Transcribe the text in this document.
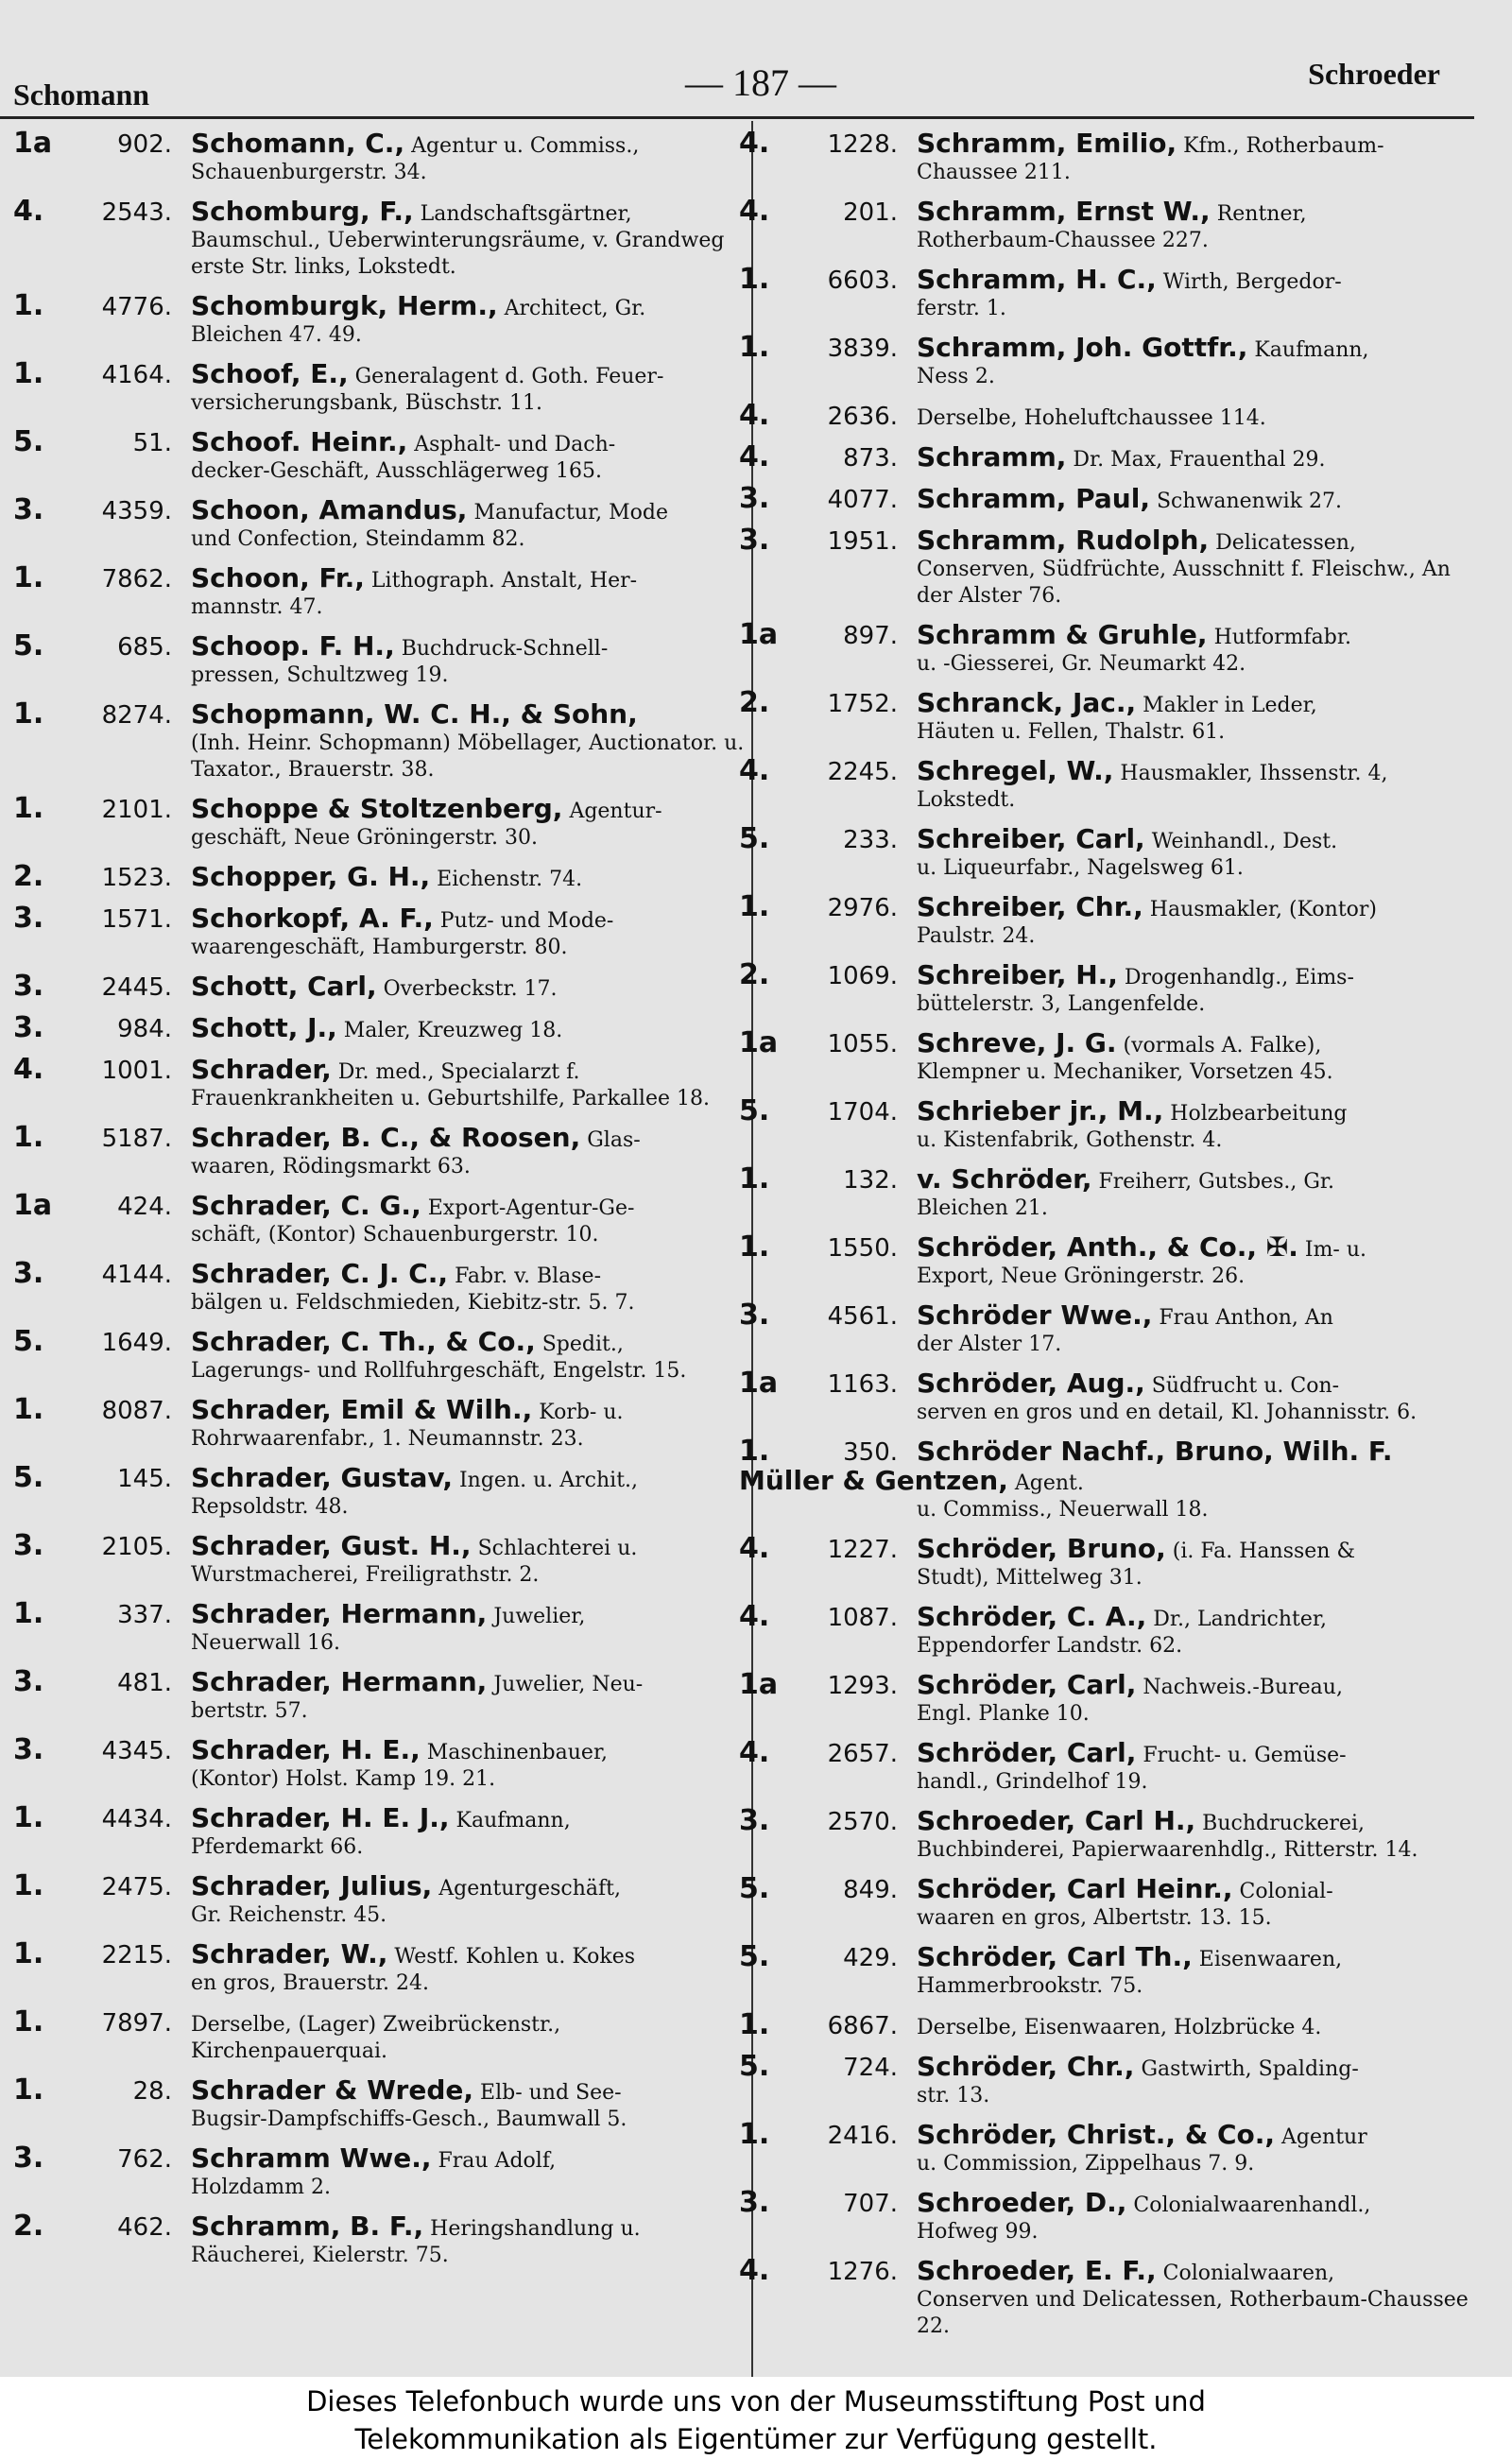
Schomann	— 187 —	Schroeder
1a	902. Schomann, C., Agentur u. Commiss.,
Schauenburgerstr. 34.
4. 2543. Schomburg, F., Landschaftsgärtner,
Baumschul., Ueberwinterungsräume, v. Grandweg erste Str. links, Lokstedt.
1. 4776. Schomburgk, Herm., Architect, Gr.
Bleichen 47. 49.
1. 4164. Schoof, E., Generalagent d. Goth. Feuer-
versicherungsbank, Büschstr. 11.
5.	51. Schoof. Heinr., Asphalt- und Dach-
decker-Geschäft, Ausschlägerweg 165.
3. 4359. Schoon, Amandus, Manufactur, Mode
und Confection, Steindamm 82.
1. 7862. Schoon, Fr., Lithograph. Anstalt, Her-
mannstr. 47.
5.	685. Schoop. F. H., Buchdruck-Schnell-
pressen, Schultzweg 19.
1. 8274. Schopmann, W. C. H., & Sohn,
(Inh. Heinr. Schopmann) Möbellager, Auctionator. u. Taxator., Brauerstr. 38.
1. 2101. Schoppe & Stoltzenberg, Agentur-
geschäft, Neue Gröningerstr. 30.
2. 1523. Schopper, G. H., Eichenstr. 74.
3. 1571. Schorkopf, A. F., Putz- und Mode-
waarengeschäft, Hamburgerstr. 80.
3. 2445. Schott, Carl, Overbeckstr. 17.
3.	984. Schott, J., Maler, Kreuzweg 18.
4. 1001. Schrader, Dr. med., Specialarzt f.
Frauenkrankheiten u. Geburtshilfe, Parkallee 18.
1. 5187. Schrader, B. C., & Roosen, Glas-
waaren, Rödingsmarkt 63.
1a	424. Schrader, C. G., Export-Agentur-Ge-
schäft, (Kontor) Schauenburgerstr. 10.
3. 4144. Schrader, C. J. C., Fabr. v. Blase-
bälgen u. Feldschmieden, Kiebitz-str. 5. 7.
5. 1649. Schrader, C. Th., & Co., Spedit.,
Lagerungs- und Rollfuhrgeschäft, Engelstr. 15.
1. 8087. Schrader, Emil & Wilh., Korb- u.
Rohrwaarenfabr., 1. Neumannstr. 23.
5.	145. Schrader, Gustav, Ingen. u. Archit.,
Repsoldstr. 48.
3. 2105. Schrader, Gust. H., Schlachterei u.
Wurstmacherei, Freiligrathstr. 2.
1.	337. Schrader, Hermann, Juwelier,
Neuerwall 16.
3.	481. Schrader, Hermann, Juwelier, Neu-
bertstr. 57.
3. 4345. Schrader, H. E., Maschinenbauer,
(Kontor) Holst. Kamp 19. 21.
1. 4434. Schrader, H. E. J., Kaufmann,
Pferdemarkt 66.
1. 2475. Schrader, Julius, Agenturgeschäft,
Gr. Reichenstr. 45.
1. 2215. Schrader, W., Westf. Kohlen u. Kokes
en gros, Brauerstr. 24.
1. 7897. Derselbe, (Lager) Zweibrückenstr.,
Kirchenpauerquai.
1.	28. Schrader & Wrede, Elb- und See-
Bugsir-Dampfschiffs-Gesch., Baumwall 5.
3.	762. Schramm Wwe., Frau Adolf,
Holzdamm 2.
2.	462. Schramm, B. F., Heringshandlung u.
Räucherei, Kielerstr. 75.
4. 1228. Schramm, Emilio, Kfm., Rotherbaum-
Chaussee 211.
4.	201. Schramm, Ernst W., Rentner,
Rotherbaum-Chaussee 227.
1. 6603. Schramm, H. C., Wirth, Bergedor-
ferstr. 1.
1. 3839. Schramm, Joh. Gottfr., Kaufmann,
Ness 2.
4. 2636. Derselbe, Hoheluftchaussee 114.
4.	873. Schramm, Dr. Max, Frauenthal 29.
3. 4077. Schramm, Paul, Schwanenwik 27.
3. 1951. Schramm, Rudolph, Delicatessen,
Conserven, Südfrüchte, Ausschnitt f. Fleischw., An der Alster 76.
1a	897. Schramm & Gruhle, Hutformfabr.
u. -Giesserei, Gr. Neumarkt 42.
2. 1752. Schranck, Jac., Makler in Leder,
Häuten u. Fellen, Thalstr. 61.
4. 2245. Schregel, W., Hausmakler, Ihssenstr. 4,
Lokstedt.
5.	233. Schreiber, Carl, Weinhandl., Dest.
u. Liqueurfabr., Nagelsweg 61.
1. 2976. Schreiber, Chr., Hausmakler, (Kontor)
Paulstr. 24.
2. 1069. Schreiber, H., Drogenhandlg., Eims-
büttelerstr. 3, Langenfelde.
1a 1055. Schreve, J. G. (vormals A. Falke),
Klempner u. Mechaniker, Vorsetzen 45.
5. 1704. Schrieber jr., M., Holzbearbeitung
u. Kistenfabrik, Gothenstr. 4.
1.	132. v. Schröder, Freiherr, Gutsbes., Gr.
Bleichen 21.
1. 1550. Schröder, Anth., & Co., ✠. Im- u.
Export, Neue Gröningerstr. 26.
3. 4561. Schröder Wwe., Frau Anthon, An
der Alster 17.
1a 1163. Schröder, Aug., Südfrucht u. Con-
serven en gros und en detail, Kl. Johannisstr. 6.
1.	350. Schröder Nachf., Bruno, Wilh. F. Müller & Gentzen, Agent.
u. Commiss., Neuerwall 18.
4. 1227. Schröder, Bruno, (i. Fa. Hanssen &
Studt), Mittelweg 31.
4. 1087. Schröder, C. A., Dr., Landrichter,
Eppendorfer Landstr. 62.
1a 1293. Schröder, Carl, Nachweis.-Bureau,
Engl. Planke 10.
4. 2657. Schröder, Carl, Frucht- u. Gemüse-
handl., Grindelhof 19.
3. 2570. Schroeder, Carl H., Buchdruckerei,
Buchbinderei, Papierwaarenhdlg., Ritterstr. 14.
5.	849. Schröder, Carl Heinr., Colonial-
waaren en gros, Albertstr. 13. 15.
5.	429. Schröder, Carl Th., Eisenwaaren,
Hammerbrookstr. 75.
1. 6867. Derselbe, Eisenwaaren, Holzbrücke 4.
5.	724. Schröder, Chr., Gastwirth, Spalding-
str. 13.
1. 2416. Schröder, Christ., & Co., Agentur
u. Commission, Zippelhaus 7. 9.
3.	707. Schroeder, D., Colonialwaarenhandl.,
Hofweg 99.
4. 1276. Schroeder, E. F., Colonialwaaren,
Conserven und Delicatessen, Rotherbaum-Chaussee 22.
Dieses Telefonbuch wurde uns von der Museumsstiftung Post und
Telekommunikation als Eigentümer zur Verfügung gestellt.
